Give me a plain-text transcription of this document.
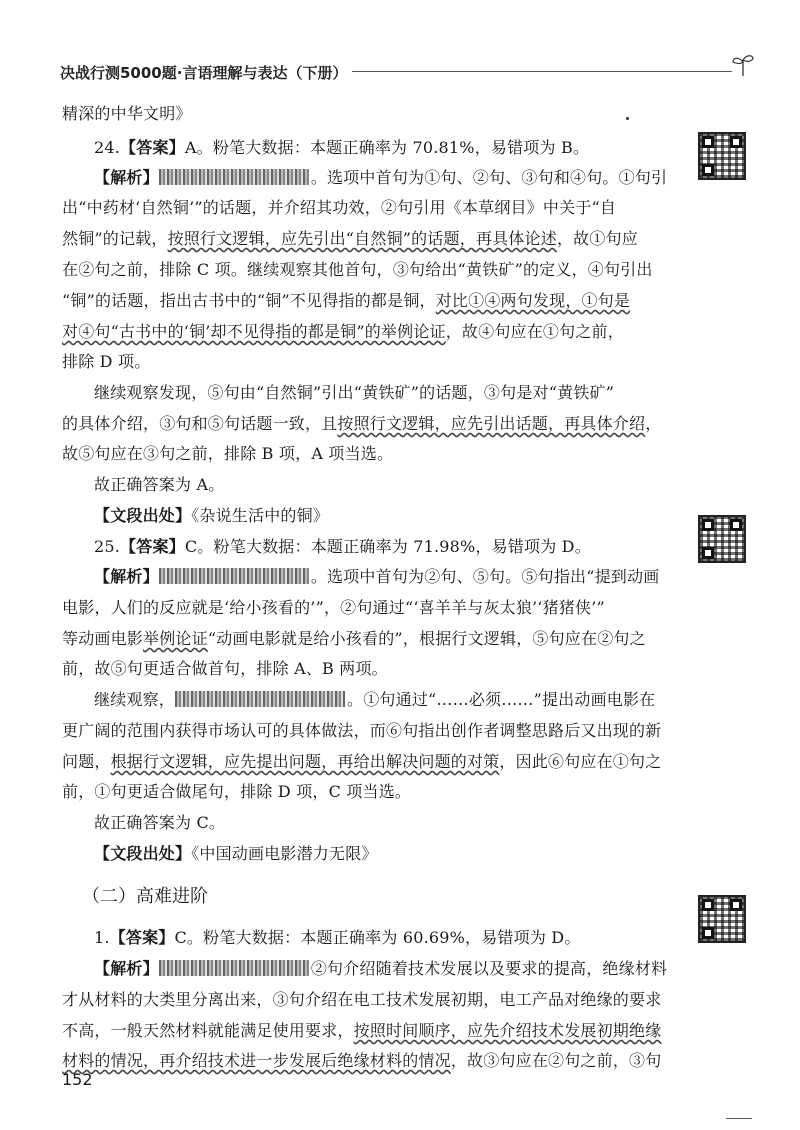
决战行测5000题·言语理解与表达（下册）
精深的中华文明》
24.【答案】A。粉笔大数据：本题正确率为 70.81%，易错项为 B。
【解析】	。选项中首句为①句、②句、③句和④句。①句引
出“中药材‘自然铜’”的话题，并介绍其功效，②句引用《本草纲目》中关于“自
然铜”的记载，按照行文逻辑，应先引出“自然铜”的话题，再具体论述，故①句应
在②句之前，排除 C 项。继续观察其他首句，③句给出“黄铁矿”的定义，④句引出
“铜”的话题，指出古书中的“铜”不见得指的都是铜，对比①④两句发现，①句是
对④句“古书中的‘铜’却不见得指的都是铜”的举例论证，故④句应在①句之前，
排除 D 项。
继续观察发现，⑤句由“自然铜”引出“黄铁矿”的话题，③句是对“黄铁矿”
的具体介绍，③句和⑤句话题一致，且按照行文逻辑，应先引出话题，再具体介绍，
故⑤句应在③句之前，排除 B 项，A 项当选。
故正确答案为 A。
【文段出处】《杂说生活中的铜》
25.【答案】C。粉笔大数据：本题正确率为 71.98%，易错项为 D。
【解析】	。选项中首句为②句、⑤句。⑤句指出“提到动画
电影，人们的反应就是‘给小孩看的’”，②句通过“‘喜羊羊与灰太狼’‘猪猪侠’”
等动画电影举例论证“动画电影就是给小孩看的”，根据行文逻辑，⑤句应在②句之
前，故⑤句更适合做首句，排除 A、B 两项。
继续观察，	。①句通过“……必须……”提出动画电影在
更广阔的范围内获得市场认可的具体做法，而⑥句指出创作者调整思路后又出现的新
问题，根据行文逻辑，应先提出问题，再给出解决问题的对策，因此⑥句应在①句之
前，①句更适合做尾句，排除 D 项，C 项当选。
故正确答案为 C。
【文段出处】《中国动画电影潜力无限》
（二）高难进阶
1.【答案】C。粉笔大数据：本题正确率为 60.69%，易错项为 D。
【解析】	②句介绍随着技术发展以及要求的提高，绝缘材料
才从材料的大类里分离出来，③句介绍在电工技术发展初期，电工产品对绝缘的要求
不高，一般天然材料就能满足使用要求，按照时间顺序，应先介绍技术发展初期绝缘
材料的情况，再介绍技术进一步发展后绝缘材料的情况，故③句应在②句之前，③句
152
